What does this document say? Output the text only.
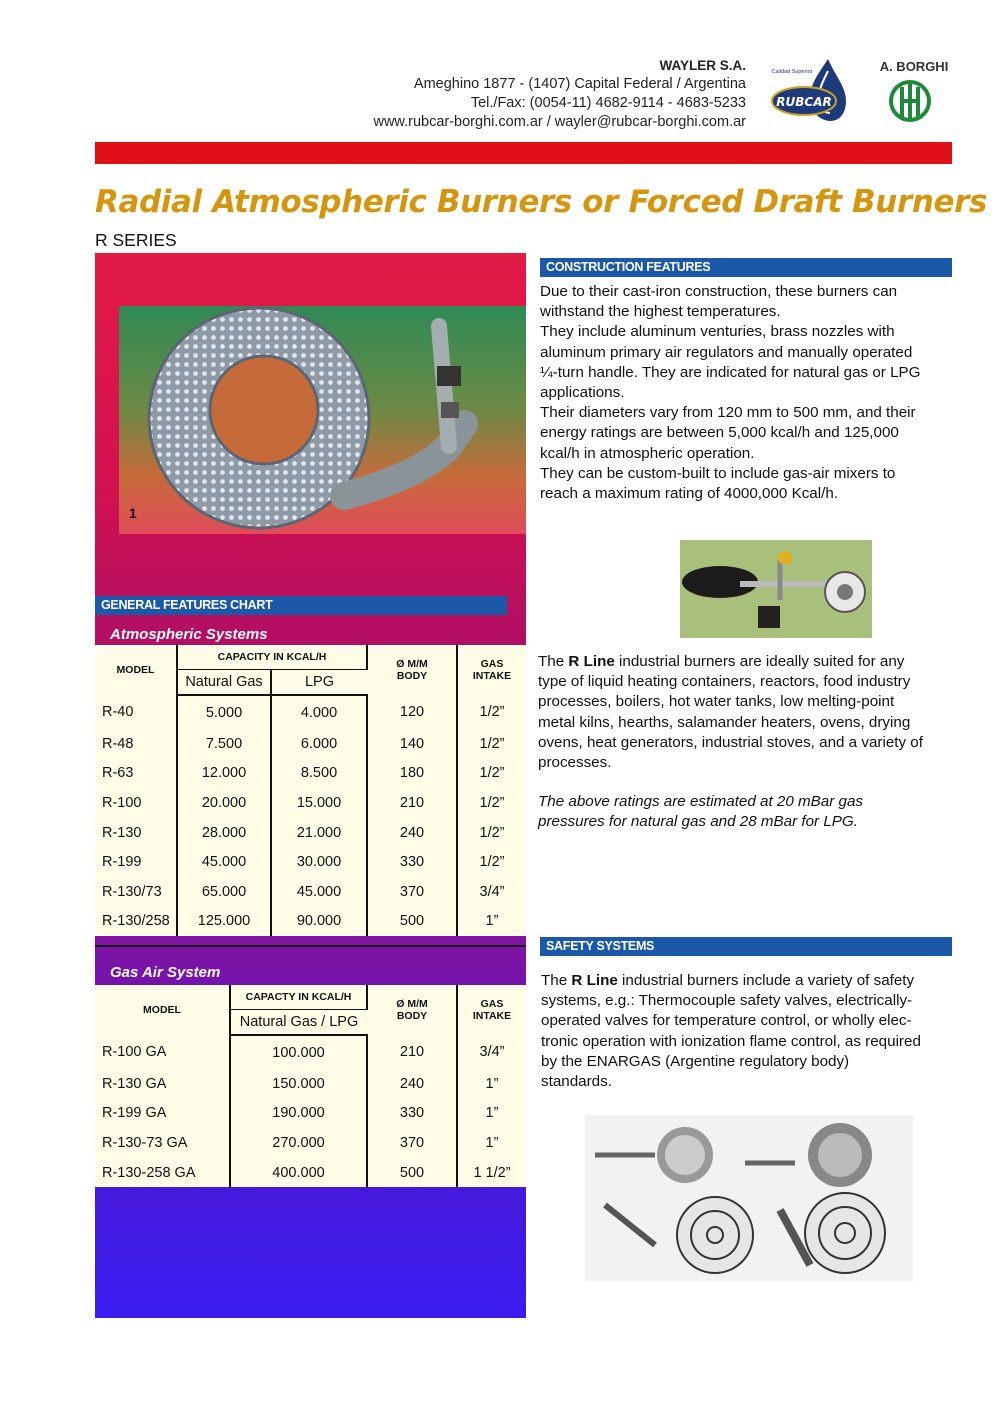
WAYLER S.A.
Ameghino 1877 - (1407) Capital Federal / Argentina
Tel./Fax: (0054-11) 4682-9114 - 4683-5233
www.rubcar-borghi.com.ar / wayler@rubcar-borghi.com.ar
RUBCAR
Calidad Superior	A. BORGHI
Radial Atmospheric Burners or Forced Draft Burners
R SERIES
1
GENERAL FEATURES CHART
Atmospheric Systems
MODEL	CAPACITY IN KCAL/H		Ø M/M
BODY	GAS
INTAKE
	Natural Gas	LPG		
R-40	5.000	4.000	120	1/2”
R-48	7.500	6.000	140	1/2”
R-63	12.000	8.500	180	1/2”
R-100	20.000	15.000	210	1/2”
R-130	28.000	21.000	240	1/2”
R-199	45.000	30.000	330	1/2”
R-130/73	65.000	45.000	370	3/4”
R-130/258	125.000	90.000	500	1”
Gas Air System
MODEL	CAPACTY IN KCAL/H	Ø M/M
BODY	GAS
INTAKE
	Natural Gas / LPG		
R-100 GA	100.000	210	3/4”
R-130 GA	150.000	240	1”
R-199 GA	190.000	330	1”
R-130-73 GA	270.000	370	1”
R-130-258 GA	400.000	500	1 1/2”
CONSTRUCTION FEATURES
Due to their cast-iron construction, these burners can
withstand the highest temperatures.
They include aluminum venturies, brass nozzles with
aluminum primary air regulators and manually operated
¼-turn handle. They are indicated for natural gas or LPG
applications.
Their diameters vary from 120 mm to 500 mm, and their
energy ratings are between 5,000 kcal/h and 125,000
kcal/h in atmospheric operation.
They can be custom-built to include gas-air mixers to
reach a maximum rating of 4000,000 Kcal/h.
The R Line industrial burners are ideally suited for any
type of liquid heating containers, reactors, food industry
processes, boilers, hot water tanks, low melting-point
metal kilns, hearths, salamander heaters, ovens, drying
ovens, heat generators, industrial stoves, and a variety of
processes.
The above ratings are estimated at 20 mBar gas
pressures for natural gas and 28 mBar for LPG.
SAFETY SYSTEMS
The R Line industrial burners include a variety of safety
systems, e.g.: Thermocouple safety valves, electrically-
operated valves for temperature control, or wholly elec-
tronic operation with ionization flame control, as required
by the ENARGAS (Argentine regulatory body)
standards.
